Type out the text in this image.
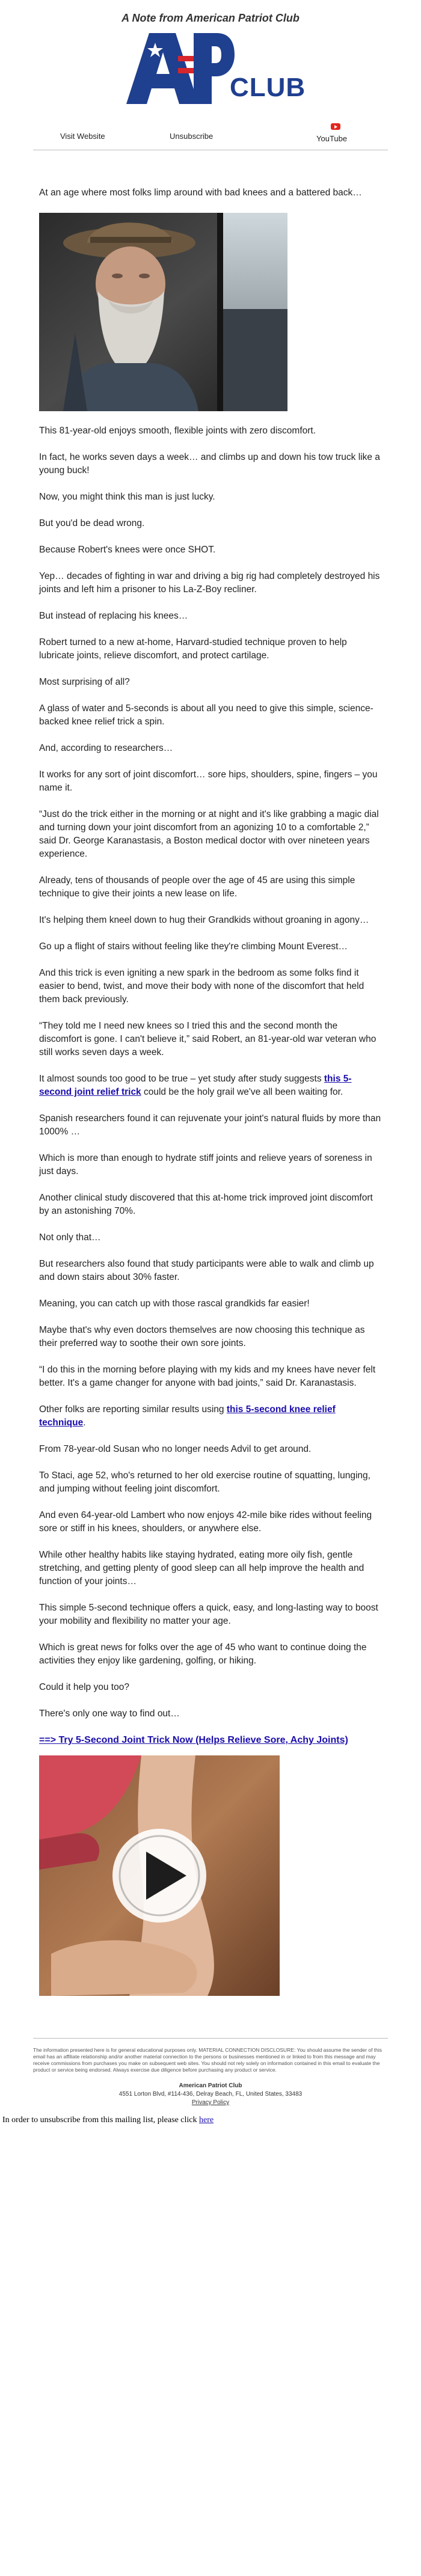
A Note from American Patriot Club
CLUB
Visit Website	Unsubscribe	YouTube

At an age where most folks limp around with bad knees and a battered back…

This 81-year-old enjoys smooth, flexible joints with zero discomfort.

In fact, he works seven days a week… and climbs up and down his tow truck like a young buck!

Now, you might think this man is just lucky.

But you'd be dead wrong.

Because Robert's knees were once SHOT.

Yep… decades of fighting in war and driving a big rig had completely destroyed his joints and left him a prisoner to his La-Z-Boy recliner.

But instead of replacing his knees…

Robert turned to a new at-home, Harvard-studied technique proven to help lubricate joints, relieve discomfort, and protect cartilage.

Most surprising of all?

A glass of water and 5-seconds is about all you need to give this simple, science-backed knee relief trick a spin.

And, according to researchers…

It works for any sort of joint discomfort… sore hips, shoulders, spine, fingers – you name it.

“Just do the trick either in the morning or at night and it's like grabbing a magic dial and turning down your joint discomfort from an agonizing 10 to a comfortable 2,” said Dr. George Karanastasis, a Boston medical doctor with over nineteen years experience.

Already, tens of thousands of people over the age of 45 are using this simple technique to give their joints a new lease on life.

It's helping them kneel down to hug their Grandkids without groaning in agony…

Go up a flight of stairs without feeling like they're climbing Mount Everest…

And this trick is even igniting a new spark in the bedroom as some folks find it easier to bend, twist, and move their body with none of the discomfort that held them back previously.

“They told me I need new knees so I tried this and the second month the discomfort is gone. I can't believe it,” said Robert, an 81-year-old war veteran who still works seven days a week.

It almost sounds too good to be true – yet study after study suggests this 5-second joint relief trick could be the holy grail we've all been waiting for.

Spanish researchers found it can rejuvenate your joint's natural fluids by more than 1000% …

Which is more than enough to hydrate stiff joints and relieve years of soreness in just days.

Another clinical study discovered that this at-home trick improved joint discomfort by an astonishing 70%.

Not only that…

But researchers also found that study participants were able to walk and climb up and down stairs about 30% faster.

Meaning, you can catch up with those rascal grandkids far easier!

Maybe that's why even doctors themselves are now choosing this technique as their preferred way to soothe their own sore joints.

“I do this in the morning before playing with my kids and my knees have never felt better. It's a game changer for anyone with bad joints,” said Dr. Karanastasis.

Other folks are reporting similar results using this 5-second knee relief technique.

From 78-year-old Susan who no longer needs Advil to get around.

To Staci, age 52, who's returned to her old exercise routine of squatting, lunging, and jumping without feeling joint discomfort.

And even 64-year-old Lambert who now enjoys 42-mile bike rides without feeling sore or stiff in his knees, shoulders, or anywhere else.

While other healthy habits like staying hydrated, eating more oily fish, gentle stretching, and getting plenty of good sleep can all help improve the health and function of your joints…

This simple 5-second technique offers a quick, easy, and long-lasting way to boost your mobility and flexibility no matter your age.

Which is great news for folks over the age of 45 who want to continue doing the activities they enjoy like gardening, golfing, or hiking.

Could it help you too?

There's only one way to find out…

==> Try 5-Second Joint Trick Now (Helps Relieve Sore, Achy Joints)
The information presented here is for general educational purposes only. MATERIAL CONNECTION DISCLOSURE: You should assume the sender of this email has an affiliate relationship and/or another material connection to the persons or businesses mentioned in or linked to from this message and may receive commissions from purchases you make on subsequent web sites. You should not rely solely on information contained in this email to evaluate the product or service being endorsed. Always exercise due diligence before purchasing any product or service.
American Patriot Club
4551 Lorton Blvd, #114-436, Delray Beach, FL, United States, 33483
Privacy Policy
In order to unsubscribe from this mailing list, please click here
